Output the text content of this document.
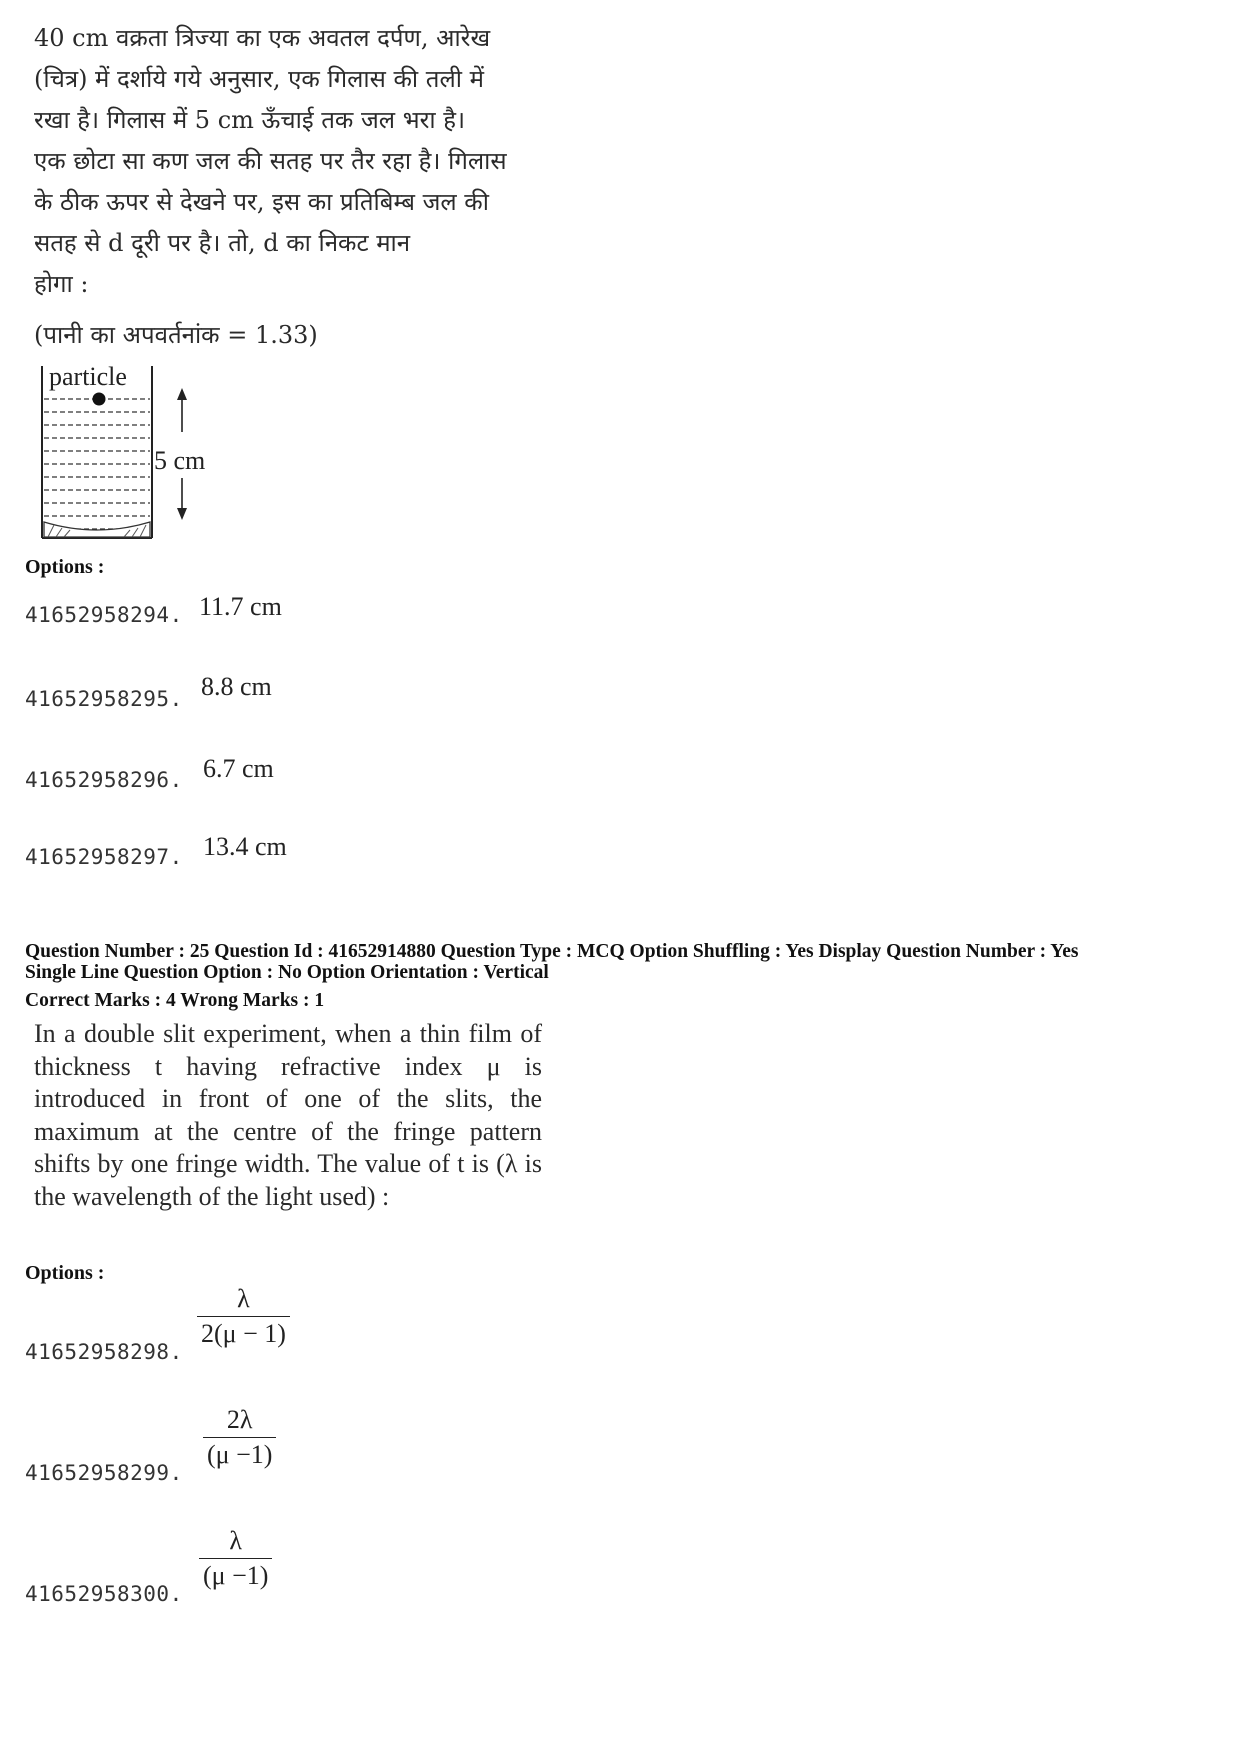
40 cm वक्रता त्रिज्या का एक अवतल दर्पण, आरेख

(चित्र) में दर्शाये गये अनुसार, एक गिलास की तली में

रखा है। गिलास में 5 cm ऊँचाई तक जल भरा है।

एक छोटा सा कण जल की सतह पर तैर रहा है। गिलास

के ठीक ऊपर से देखने पर, इस का प्रतिबिम्ब जल की

सतह से d दूरी पर है। तो, d का निकट मान

होगा :

(पानी का अपवर्तनांक = 1.33)
particle
5 cm
Options :
41652958294. 11.7 cm
41652958295. 8.8 cm
41652958296. 6.7 cm
41652958297. 13.4 cm
Question Number : 25 Question Id : 41652914880 Question Type : MCQ Option Shuffling : Yes Display Question Number : Yes
Single Line Question Option : No Option Orientation : Vertical
Correct Marks : 4 Wrong Marks : 1
In a double slit experiment, when a thin film of thickness t having refractive index μ is introduced in front of one of the slits, the maximum at the centre of the fringe pattern shifts by one fringe width. The value of t is (λ is the wavelength of the light used) :
Options :
41652958298.
λ
2(μ − 1)
41652958299.
2λ
(μ −1)
41652958300.
λ
(μ −1)
